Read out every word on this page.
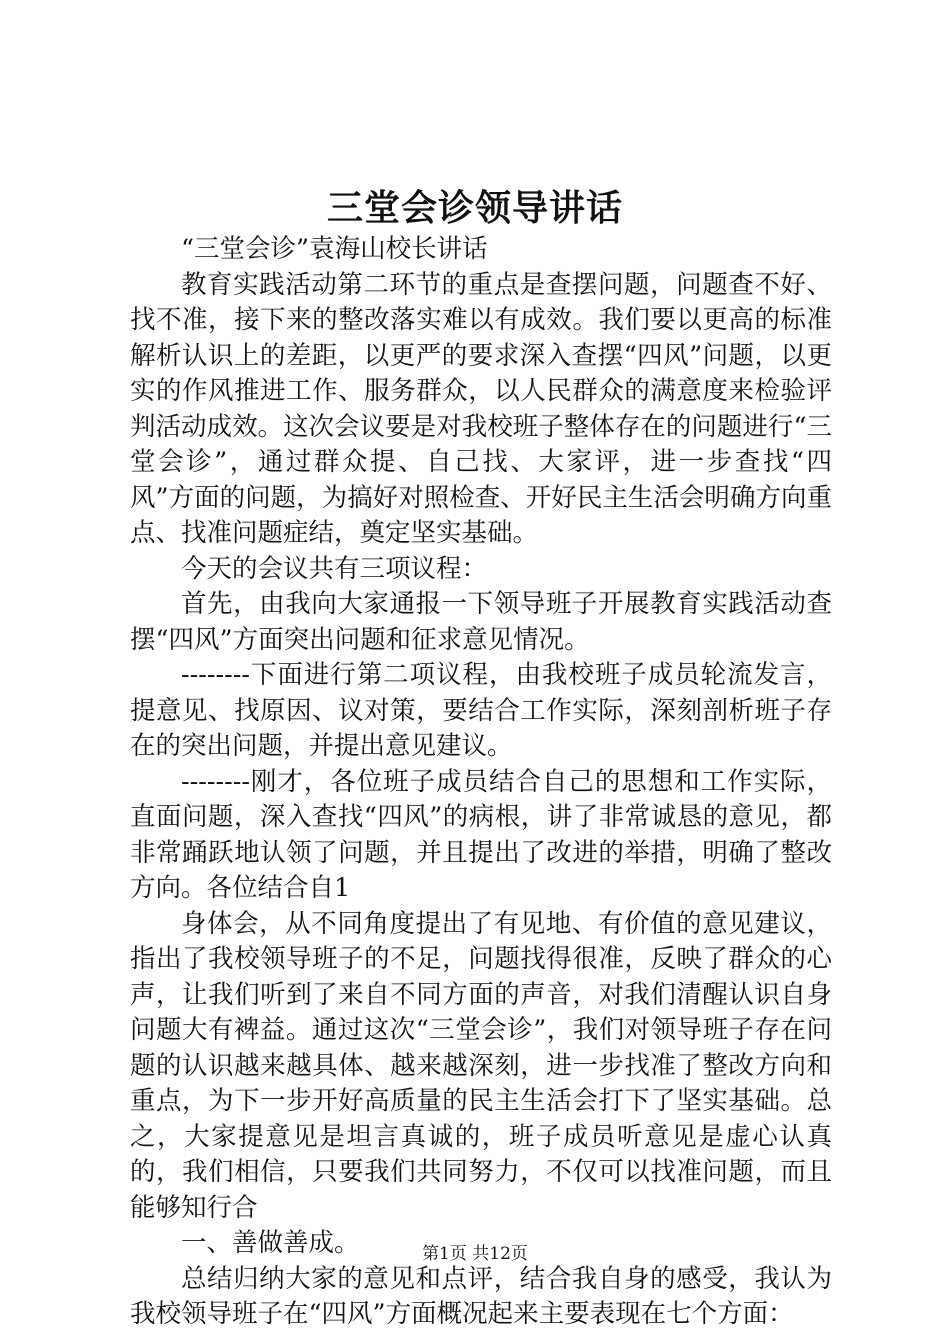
三堂会诊领导讲话

“三堂会诊”袁海山校长讲话

教育实践活动第二环节的重点是查摆问题，问题查不好、找不准，接下来的整改落实难以有成效。我们要以更高的标准解析认识上的差距，以更严的要求深入查摆“四风”问题，以更实的作风推进工作、服务群众，以人民群众的满意度来检验评判活动成效。这次会议要是对我校班子整体存在的问题进行“三堂会诊”，通过群众提、自己找、大家评，进一步查找“四风”方面的问题，为搞好对照检查、开好民主生活会明确方向重点、找准问题症结，奠定坚实基础。

今天的会议共有三项议程：

首先，由我向大家通报一下领导班子开展教育实践活动查摆“四风”方面突出问题和征求意见情况。

--------下面进行第二项议程，由我校班子成员轮流发言，提意见、找原因、议对策，要结合工作实际，深刻剖析班子存在的突出问题，并提出意见建议。

--------刚才，各位班子成员结合自己的思想和工作实际，直面问题，深入查找“四风”的病根，讲了非常诚恳的意见，都非常踊跃地认领了问题，并且提出了改进的举措，明确了整改方向。各位结合自1

身体会，从不同角度提出了有见地、有价值的意见建议，指出了我校领导班子的不足，问题找得很准，反映了群众的心声，让我们听到了来自不同方面的声音，对我们清醒认识自身问题大有裨益。通过这次“三堂会诊”，我们对领导班子存在问题的认识越来越具体、越来越深刻，进一步找准了整改方向和重点，为下一步开好高质量的民主生活会打下了坚实基础。总之，大家提意见是坦言真诚的，班子成员听意见是虚心认真的，我们相信，只要我们共同努力，不仅可以找准问题，而且能够知行合

一、善做善成。

总结归纳大家的意见和点评，结合我自身的感受，我认为我校领导班子在“四风”方面概况起来主要表现在七个方面：

第1页 共12页
